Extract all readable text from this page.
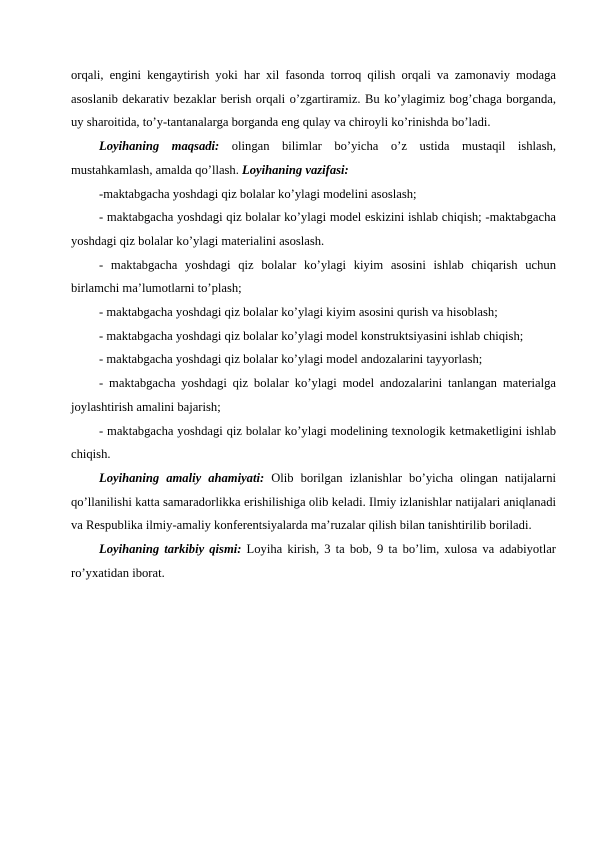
orqali, engini kengaytirish yoki har xil fasonda torroq qilish orqali va zamonaviy modaga asoslanib dekarativ bezaklar berish orqali o’zgartiramiz. Bu ko’ylagimiz bog’chaga borganda, uy sharoitida, to’y-tantanalarga borganda eng qulay va chiroyli ko’rinishda bo’ladi.

Loyihaning maqsadi: olingan bilimlar bo’yicha o’z ustida mustaqil ishlash, mustahkamlash, amalda qo’llash. Loyihaning vazifasi:

-maktabgacha yoshdagi qiz bolalar ko’ylagi modelini asoslash;

- maktabgacha yoshdagi qiz bolalar ko’ylagi model eskizini ishlab chiqish; -maktabgacha yoshdagi qiz bolalar ko’ylagi materialini asoslash.

- maktabgacha yoshdagi qiz bolalar ko’ylagi kiyim asosini ishlab chiqarish uchun birlamchi ma’lumotlarni to’plash;

- maktabgacha yoshdagi qiz bolalar ko’ylagi kiyim asosini qurish va hisoblash;

- maktabgacha yoshdagi qiz bolalar ko’ylagi model konstruktsiyasini ishlab chiqish;

- maktabgacha yoshdagi qiz bolalar ko’ylagi model andozalarini tayyorlash;

- maktabgacha yoshdagi qiz bolalar ko’ylagi model andozalarini tanlangan materialga joylashtirish amalini bajarish;

- maktabgacha yoshdagi qiz bolalar ko’ylagi modelining texnologik ketmaketligini ishlab chiqish.

Loyihaning amaliy ahamiyati: Olib borilgan izlanishlar bo’yicha olingan natijalarni qo’llanilishi katta samaradorlikka erishilishiga olib keladi. Ilmiy izlanishlar natijalari aniqlanadi va Respublika ilmiy-amaliy konferentsiyalarda ma’ruzalar qilish bilan tanishtirilib boriladi.

Loyihaning tarkibiy qismi: Loyiha kirish, 3 ta bob, 9 ta bo’lim, xulosa va adabiyotlar ro’yxatidan iborat.
